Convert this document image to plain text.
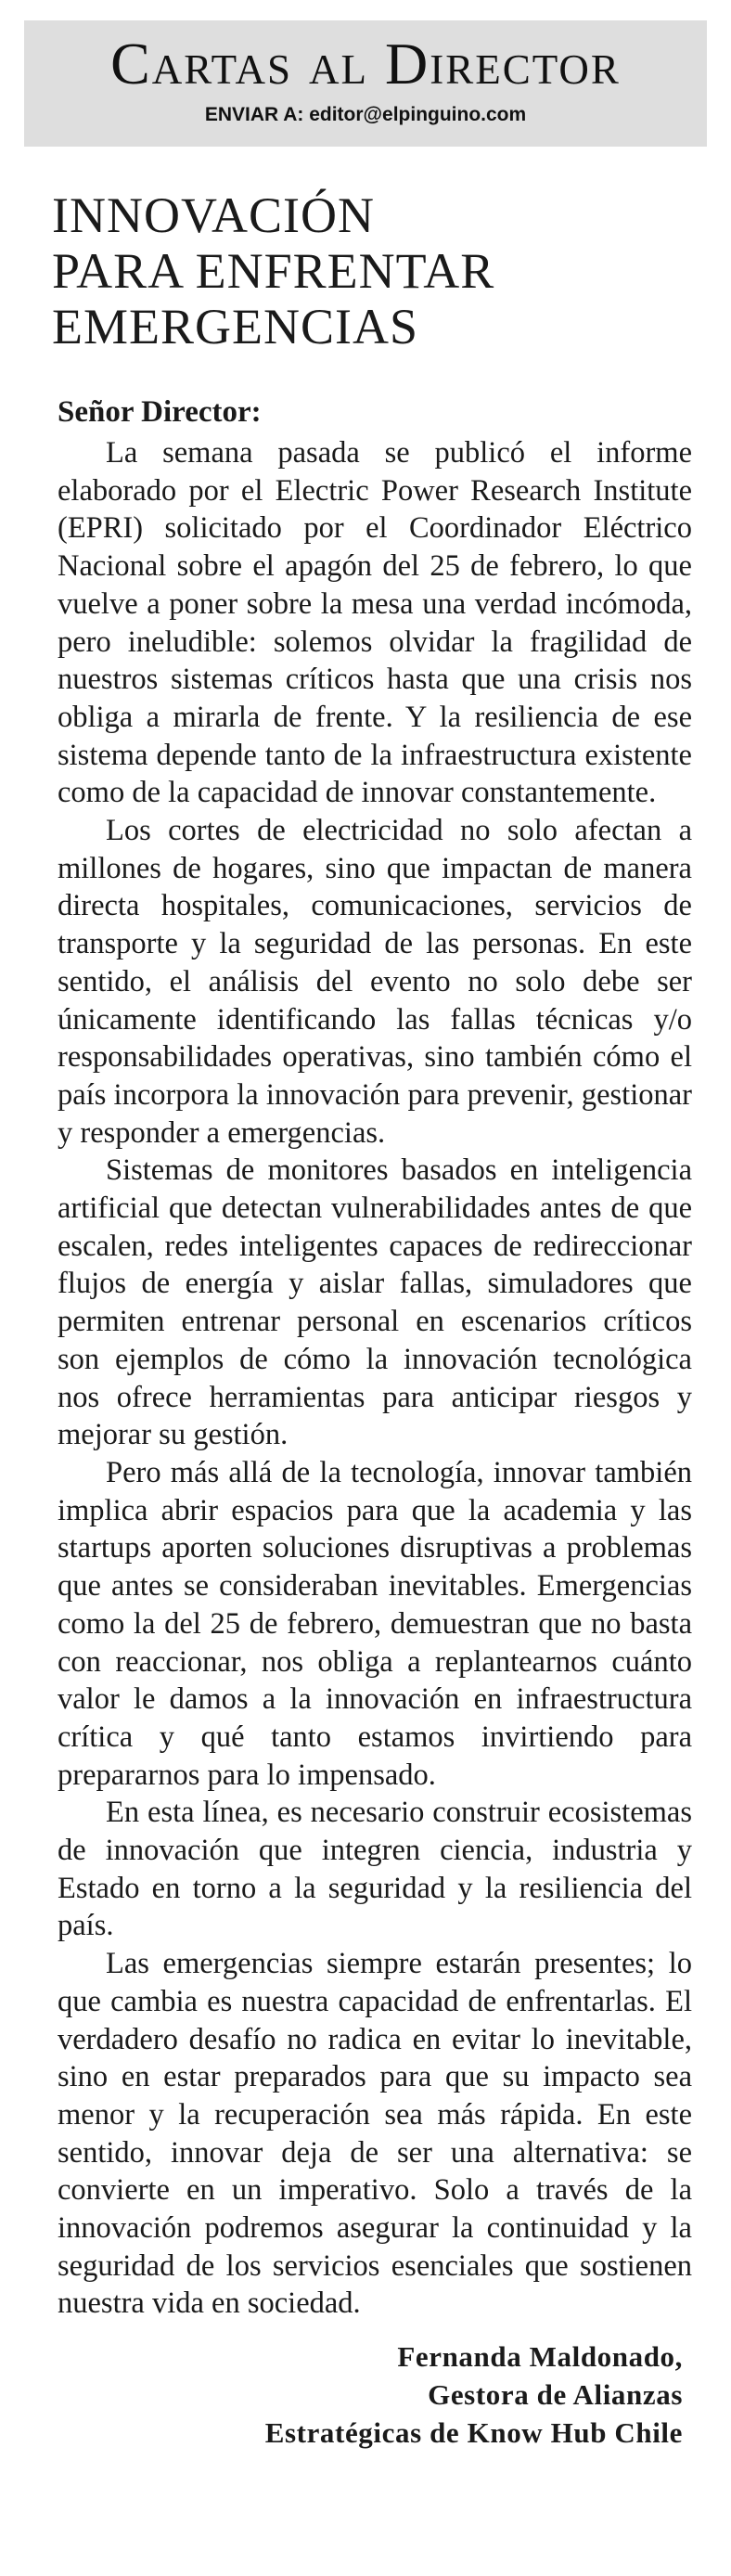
Cartas al Director
ENVIAR A: editor@elpinguino.com
INNOVACIÓN
PARA ENFRENTAR
EMERGENCIAS
Señor Director:

La semana pasada se publicó el informe elaborado por el Electric Power Research Institute (EPRI) solicitado por el Coordinador Eléctrico Nacional sobre el apagón del 25 de febrero, lo que vuelve a poner sobre la mesa una verdad incómoda, pero ineludible: solemos olvidar la fragilidad de nuestros sistemas críticos hasta que una crisis nos obliga a mirarla de frente. Y la resiliencia de ese sistema depende tanto de la infraestructura existente como de la capacidad de innovar constantemente.

Los cortes de electricidad no solo afectan a millones de hogares, sino que impactan de manera directa hospitales, comunicaciones, servicios de transporte y la seguridad de las personas. En este sentido, el análisis del evento no solo debe ser únicamente identificando las fallas técnicas y/o responsabilidades operativas, sino también cómo el país incorpora la innovación para prevenir, gestionar y responder a emergencias.

Sistemas de monitores basados en inteligencia artificial que detectan vulnerabilidades antes de que escalen, redes inteligentes capaces de redireccionar flujos de energía y aislar fallas, simuladores que permiten entrenar personal en escenarios críticos son ejemplos de cómo la innovación tecnológica nos ofrece herramientas para anticipar riesgos y mejorar su gestión.

Pero más allá de la tecnología, innovar también implica abrir espacios para que la academia y las startups aporten soluciones disruptivas a problemas que antes se consideraban inevitables. Emergencias como la del 25 de febrero, demuestran que no basta con reaccionar, nos obliga a replantearnos cuánto valor le damos a la innovación en infraestructura crítica y qué tanto estamos invirtiendo para prepararnos para lo impensado.

En esta línea, es necesario construir ecosistemas de innovación que integren ciencia, industria y Estado en torno a la seguridad y la resiliencia del país.

Las emergencias siempre estarán presentes; lo que cambia es nuestra capacidad de enfrentarlas. El verdadero desafío no radica en evitar lo inevitable, sino en estar preparados para que su impacto sea menor y la recuperación sea más rápida. En este sentido, innovar deja de ser una alternativa: se convierte en un imperativo. Solo a través de la innovación podremos asegurar la continuidad y la seguridad de los servicios esenciales que sostienen nuestra vida en sociedad.

Fernanda Maldonado,
Gestora de Alianzas
Estratégicas de Know Hub Chile
